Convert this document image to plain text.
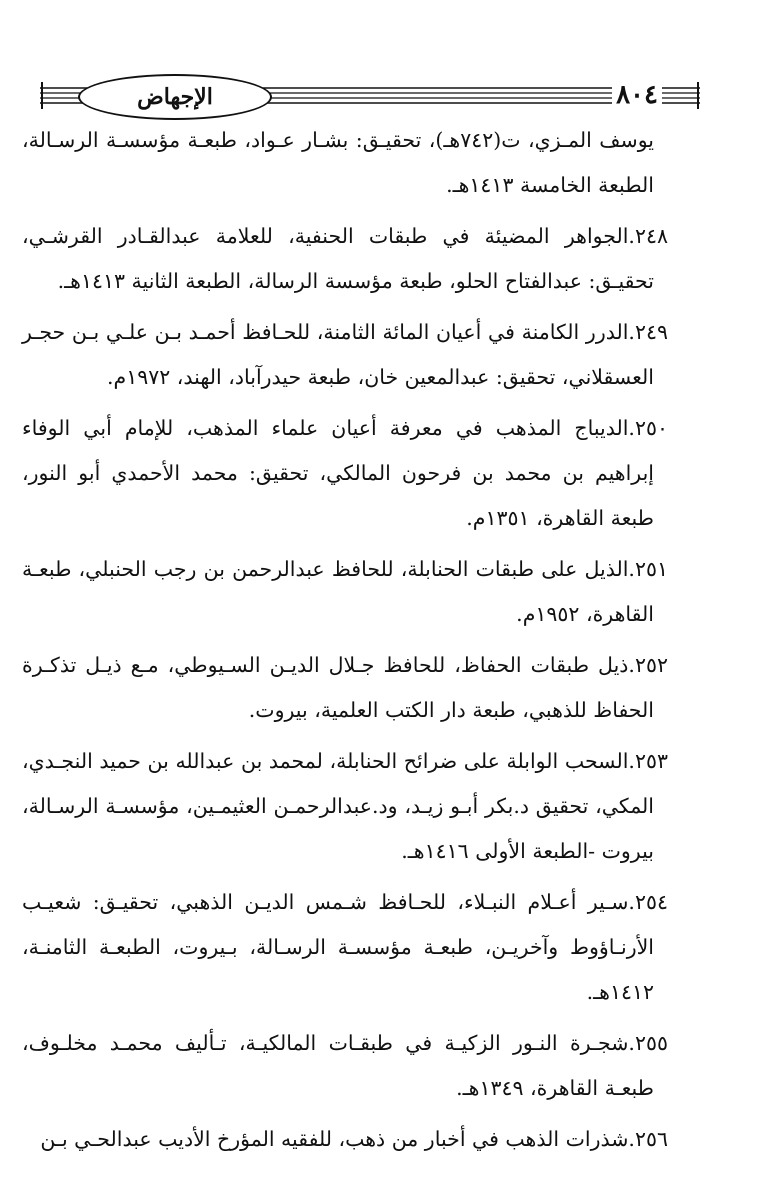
الإجهاض	٨٠٤

يوسف المـزي، ت(٧٤٢هـ)، تحقيـق: بشـار عـواد، طبعـة مؤسسـة الرسـالة، الطبعة الخامسة ١٤١٣هـ.

٢٤٨.الجواهر المضيئة في طبقات الحنفية، للعلامة عبدالقـادر القرشـي، تحقيـق: عبدالفتاح الحلو، طبعة مؤسسة الرسالة، الطبعة الثانية ١٤١٣هـ.

٢٤٩.الدرر الكامنة في أعيان المائة الثامنة، للحـافظ أحمـد بـن علـي بـن حجـر العسقلاني، تحقيق: عبدالمعين خان، طبعة حيدرآباد، الهند، ١٩٧٢م.

٢٥٠.الديباج المذهب في معرفة أعيان علماء المذهب، للإمام أبي الوفاء إبراهيم بن محمد بن فرحون المالكي، تحقيق: محمد الأحمدي أبو النور، طبعة القاهرة، ١٣٥١م.

٢٥١.الذيل على طبقات الحنابلة، للحافظ عبدالرحمن بن رجب الحنبلي، طبعـة القاهرة، ١٩٥٢م.

٢٥٢.ذيل طبقات الحفاظ، للحافظ جـلال الديـن السـيوطي، مـع ذيـل تذكـرة الحفاظ للذهبي، طبعة دار الكتب العلمية، بيروت.

٢٥٣.السحب الوابلة على ضرائح الحنابلة، لمحمد بن عبدالله بن حميد النجـدي، المكي، تحقيق د.بكر أبـو زيـد، ود.عبدالرحمـن العثيمـين، مؤسسـة الرسـالة، بيروت -الطبعة الأولى ١٤١٦هـ.

٢٥٤.سـير أعـلام النبـلاء، للحـافظ شـمس الديـن الذهبي، تحقيـق: شعيـب الأرنـاؤوط وآخريـن، طبعـة مؤسسـة الرسـالة، بـيروت، الطبعـة الثامنـة، ١٤١٢هـ.

٢٥٥.شجـرة النـور الزكيـة في طبقـات المالكيـة، تـأليف محمـد مخلـوف، طبعـة القاهرة، ١٣٤٩هـ.

٢٥٦.شذرات الذهب في أخبار من ذهب، للفقيه المؤرخ الأديب عبدالحـي بـن
